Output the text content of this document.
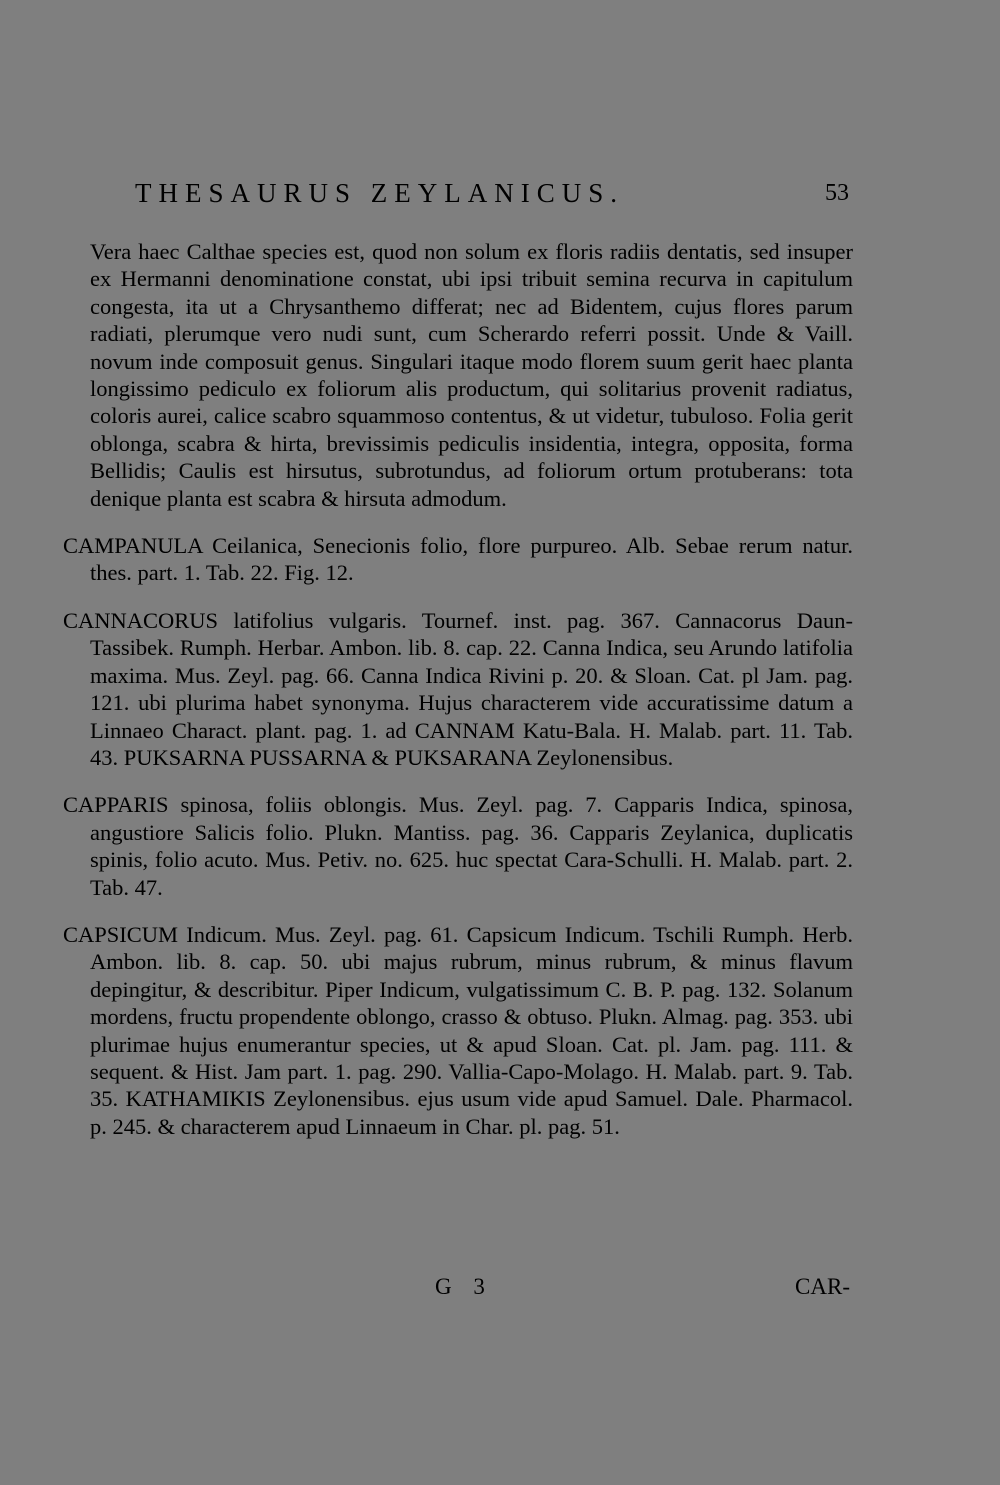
THESAURUS ZEYLANICUS.	53

Vera haec Calthae species est, quod non solum ex floris radiis dentatis, sed insuper ex Hermanni denominatione constat, ubi ipsi tribuit semina recurva in capitulum congesta, ita ut a Chrysanthemo differat; nec ad Bidentem, cujus flores parum radiati, plerumque vero nudi sunt, cum Scherardo referri possit. Unde & Vaill. novum inde composuit genus. Singulari itaque modo florem suum gerit haec planta longissimo pediculo ex foliorum alis productum, qui solitarius provenit radiatus, coloris aurei, calice scabro squammoso contentus, & ut videtur, tubuloso. Folia gerit oblonga, scabra & hirta, brevissimis pediculis insidentia, integra, opposita, forma Bellidis; Caulis est hirsutus, subrotundus, ad foliorum ortum protuberans: tota denique planta est scabra & hirsuta admodum.

CAMPANULA Ceilanica, Senecionis folio, flore purpureo. Alb. Sebae rerum natur. thes. part. 1. Tab. 22. Fig. 12.

CANNACORUS latifolius vulgaris. Tournef. inst. pag. 367. Cannacorus Daun-Tassibek. Rumph. Herbar. Ambon. lib. 8. cap. 22. Canna Indica, seu Arundo latifolia maxima. Mus. Zeyl. pag. 66. Canna Indica Rivini p. 20. & Sloan. Cat. pl Jam. pag. 121. ubi plurima habet synonyma. Hujus characterem vide accuratissime datum a Linnaeo Charact. plant. pag. 1. ad CANNAM Katu-Bala. H. Malab. part. 11. Tab. 43. PUKSARNA PUSSARNA & PUKSARANA Zeylonensibus.

CAPPARIS spinosa, foliis oblongis. Mus. Zeyl. pag. 7. Capparis Indica, spinosa, angustiore Salicis folio. Plukn. Mantiss. pag. 36. Capparis Zeylanica, duplicatis spinis, folio acuto. Mus. Petiv. no. 625. huc spectat Cara-Schulli. H. Malab. part. 2. Tab. 47.

CAPSICUM Indicum. Mus. Zeyl. pag. 61. Capsicum Indicum. Tschili Rumph. Herb. Ambon. lib. 8. cap. 50. ubi majus rubrum, minus rubrum, & minus flavum depingitur, & describitur. Piper Indicum, vulgatissimum C. B. P. pag. 132. Solanum mordens, fructu propendente oblongo, crasso & obtuso. Plukn. Almag. pag. 353. ubi plurimae hujus enumerantur species, ut & apud Sloan. Cat. pl. Jam. pag. 111. & sequent. & Hist. Jam part. 1. pag. 290. Vallia-Capo-Molago. H. Malab. part. 9. Tab. 35. KATHAMIKIS Zeylonensibus. ejus usum vide apud Samuel. Dale. Pharmacol. p. 245. & characterem apud Linnaeum in Char. pl. pag. 51.

G 3	CAR-
